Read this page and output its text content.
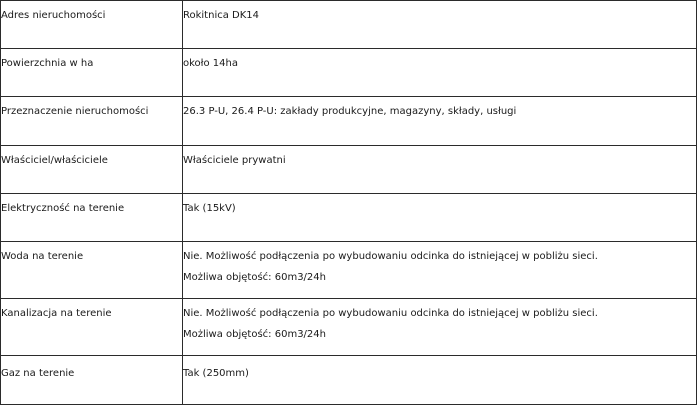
Adres nieruchomości	Rokitnica DK14

Powierzchnia w ha	około 14ha

Przeznaczenie nieruchomości	26.3 P-U, 26.4 P-U: zakłady produkcyjne, magazyny, składy, usługi

Właściciel/właściciele	Właściciele prywatni

Elektryczność na terenie	Tak (15kV)

Woda na terenie	Nie. Możliwość podłączenia po wybudowaniu odcinka do istniejącej w pobliżu sieci.
Możliwa objętość: 60m3/24h

Kanalizacja na terenie	Nie. Możliwość podłączenia po wybudowaniu odcinka do istniejącej w pobliżu sieci.
Możliwa objętość: 60m3/24h

Gaz na terenie	Tak (250mm)
